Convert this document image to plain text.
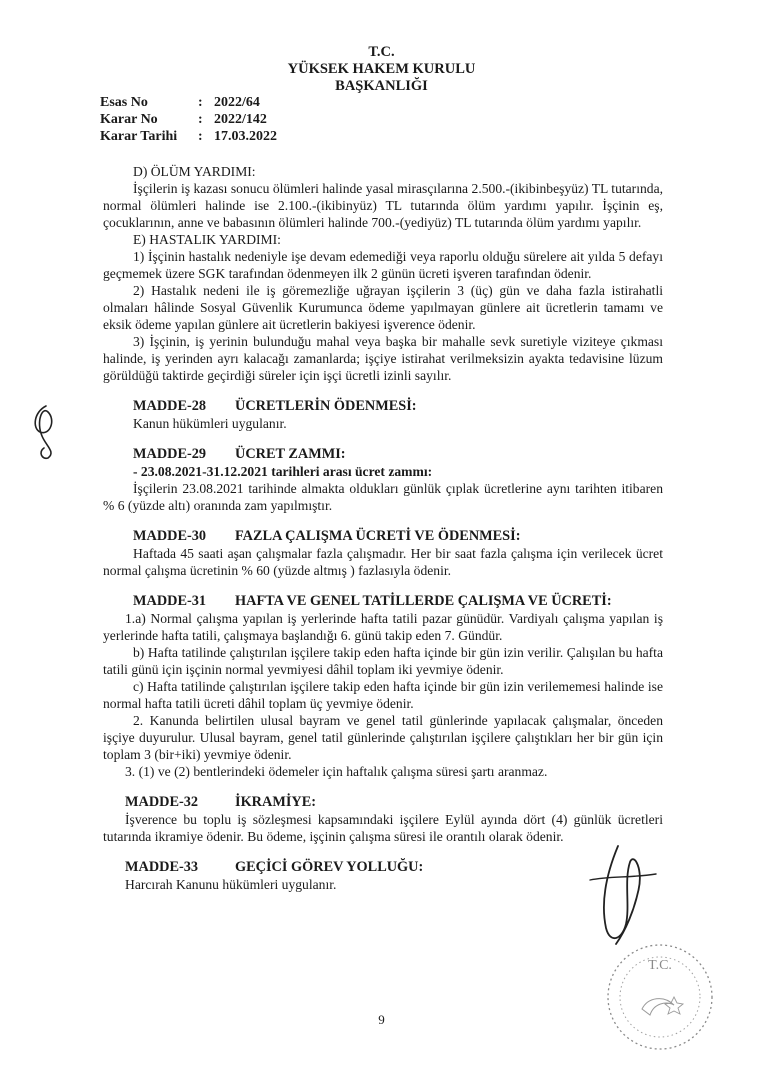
T.C.
YÜKSEK HAKEM KURULU
BAŞKANLIĞI
Esas No	: 2022/64
Karar No	: 2022/142
Karar Tarihi	: 17.03.2022

D) ÖLÜM YARDIMI:

İşçilerin iş kazası sonucu ölümleri halinde yasal mirasçılarına 2.500.-(ikibinbeşyüz) TL tutarında, normal ölümleri halinde ise 2.100.-(ikibinyüz) TL tutarında ölüm yardımı yapılır. İşçinin eş, çocuklarının, anne ve babasının ölümleri halinde 700.-(yediyüz) TL tutarında ölüm yardımı yapılır.

E) HASTALIK YARDIMI:

1) İşçinin hastalık nedeniyle işe devam edemediği veya raporlu olduğu sürelere ait yılda 5 defayı geçmemek üzere SGK tarafından ödenmeyen ilk 2 günün ücreti işveren tarafından ödenir.

2) Hastalık nedeni ile iş göremezliğe uğrayan işçilerin 3 (üç) gün ve daha fazla istirahatli olmaları hâlinde Sosyal Güvenlik Kurumunca ödeme yapılmayan günlere ait ücretlerin tamamı ve eksik ödeme yapılan günlere ait ücretlerin bakiyesi işverence ödenir.

3) İşçinin, iş yerinin bulunduğu mahal veya başka bir mahalle sevk suretiyle viziteye çıkması halinde, iş yerinden ayrı kalacağı zamanlarda; işçiye istirahat verilmeksizin ayakta tedavisine lüzum görüldüğü taktirde geçirdiği süreler için işçi ücretli izinli sayılır.

MADDE-28	ÜCRETLERİN ÖDENMESİ:

Kanun hükümleri uygulanır.

MADDE-29	ÜCRET ZAMMI:

- 23.08.2021-31.12.2021 tarihleri arası ücret zammı:

İşçilerin 23.08.2021 tarihinde almakta oldukları günlük çıplak ücretlerine aynı tarihten itibaren % 6 (yüzde altı) oranında zam yapılmıştır.

MADDE-30	FAZLA ÇALIŞMA ÜCRETİ VE ÖDENMESİ:

Haftada 45 saati aşan çalışmalar fazla çalışmadır. Her bir saat fazla çalışma için verilecek ücret normal çalışma ücretinin % 60 (yüzde altmış ) fazlasıyla ödenir.

MADDE-31	HAFTA VE GENEL TATİLLERDE ÇALIŞMA VE ÜCRETİ:

1.a) Normal çalışma yapılan iş yerlerinde hafta tatili pazar günüdür. Vardiyalı çalışma yapılan iş yerlerinde hafta tatili, çalışmaya başlandığı 6. günü takip eden 7. Gündür.

b) Hafta tatilinde çalıştırılan işçilere takip eden hafta içinde bir gün izin verilir. Çalışılan bu hafta tatili günü için işçinin normal yevmiyesi dâhil toplam iki yevmiye ödenir.

c) Hafta tatilinde çalıştırılan işçilere takip eden hafta içinde bir gün izin verilememesi halinde ise normal hafta tatili ücreti dâhil toplam üç yevmiye ödenir.

2. Kanunda belirtilen ulusal bayram ve genel tatil günlerinde yapılacak çalışmalar, önceden işçiye duyurulur. Ulusal bayram, genel tatil günlerinde çalıştırılan işçilere çalıştıkları her bir gün için toplam 3 (bir+iki) yevmiye ödenir.

3. (1) ve (2) bentlerindeki ödemeler için haftalık çalışma süresi şartı aranmaz.

MADDE-32	İKRAMİYE:

İşverence bu toplu iş sözleşmesi kapsamındaki işçilere Eylül ayında dört (4) günlük ücretleri tutarında ikramiye ödenir. Bu ödeme, işçinin çalışma süresi ile orantılı olarak ödenir.

MADDE-33	GEÇİCİ GÖREV YOLLUĞU:

Harcırah Kanunu hükümleri uygulanır.

T.C.
9
